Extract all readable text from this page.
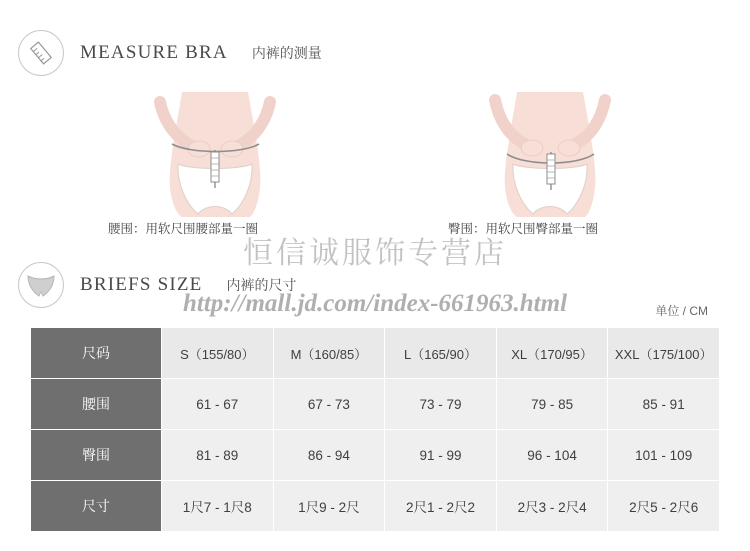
MEASURE BRA 内裤的测量
腰围：用软尺围腰部量一圈	臀围：用软尺围臀部量一圈
恒信诚服饰专营店
http://mall.jd.com/index-661963.html
BRIEFS SIZE 内裤的尺寸
单位 / CM
尺码	S（155/80）	M（160/85）	L（165/90）	XL（170/95）	XXL（175/100）
腰围	61 - 67	67 - 73	73 - 79	79 - 85	85 - 91
臀围	81 - 89	86 - 94	91 - 99	96 - 104	101 - 109
尺寸	1尺7 - 1尺8	1尺9 - 2尺	2尺1 - 2尺2	2尺3 - 2尺4	2尺5 - 2尺6
